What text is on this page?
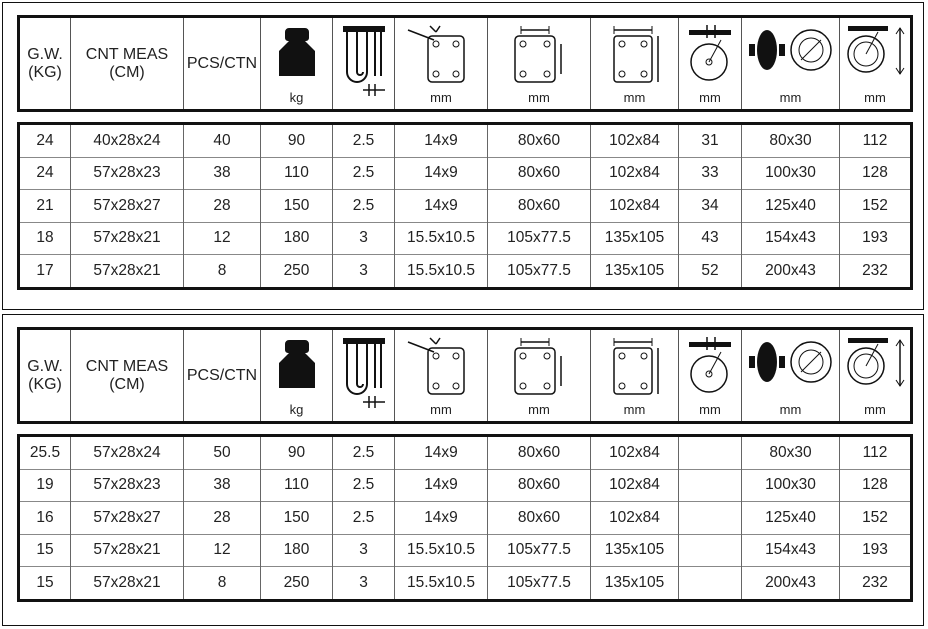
G.W.
(KG)

CNT MEAS
(CM)

PCS/CTN

kg		mm	mm	mm	mm	mm	mm
24	40x28x24	40	90	2.5	14x9	80x60	102x84	31	80x30	112
24	57x28x23	38	110	2.5	14x9	80x60	102x84	33	100x30	128
21	57x28x27	28	150	2.5	14x9	80x60	102x84	34	125x40	152
18	57x28x21	12	180	3	15.5x10.5	105x77.5	135x105	43	154x43	193
17	57x28x21	8	250	3	15.5x10.5	105x77.5	135x105	52	200x43	232
G.W.
(KG)

CNT MEAS
(CM)

PCS/CTN

kg		mm	mm	mm	mm	mm	mm
25.5	57x28x24	50	90	2.5	14x9	80x60	102x84		80x30	112
19	57x28x23	38	110	2.5	14x9	80x60	102x84		100x30	128
16	57x28x27	28	150	2.5	14x9	80x60	102x84		125x40	152
15	57x28x21	12	180	3	15.5x10.5	105x77.5	135x105		154x43	193
15	57x28x21	8	250	3	15.5x10.5	105x77.5	135x105		200x43	232
